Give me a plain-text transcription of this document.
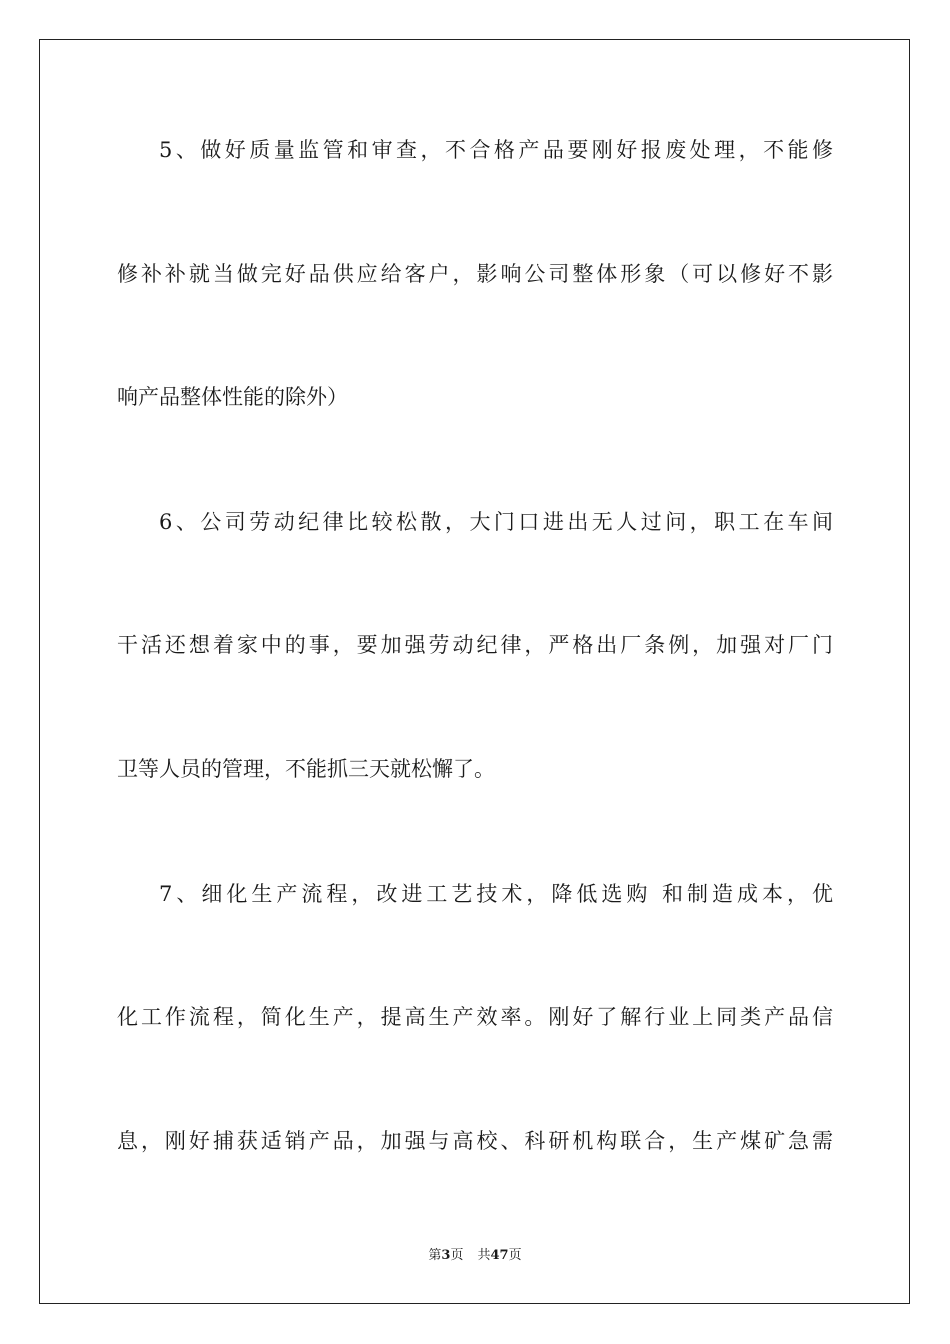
5、做好质量监管和审查，不合格产品要刚好报废处理，不能修
修补补就当做完好品供应给客户，影响公司整体形象（可以修好不影
响产品整体性能的除外）
6、公司劳动纪律比较松散，大门口进出无人过问，职工在车间
干活还想着家中的事，要加强劳动纪律，严格出厂条例，加强对厂门
卫等人员的管理，不能抓三天就松懈了。
7、细化生产流程，改进工艺技术，降低选购 和制造成本，优
化工作流程，简化生产，提高生产效率。刚好了解行业上同类产品信
息，刚好捕获适销产品，加强与高校、科研机构联合，生产煤矿急需
第3页 共47页
